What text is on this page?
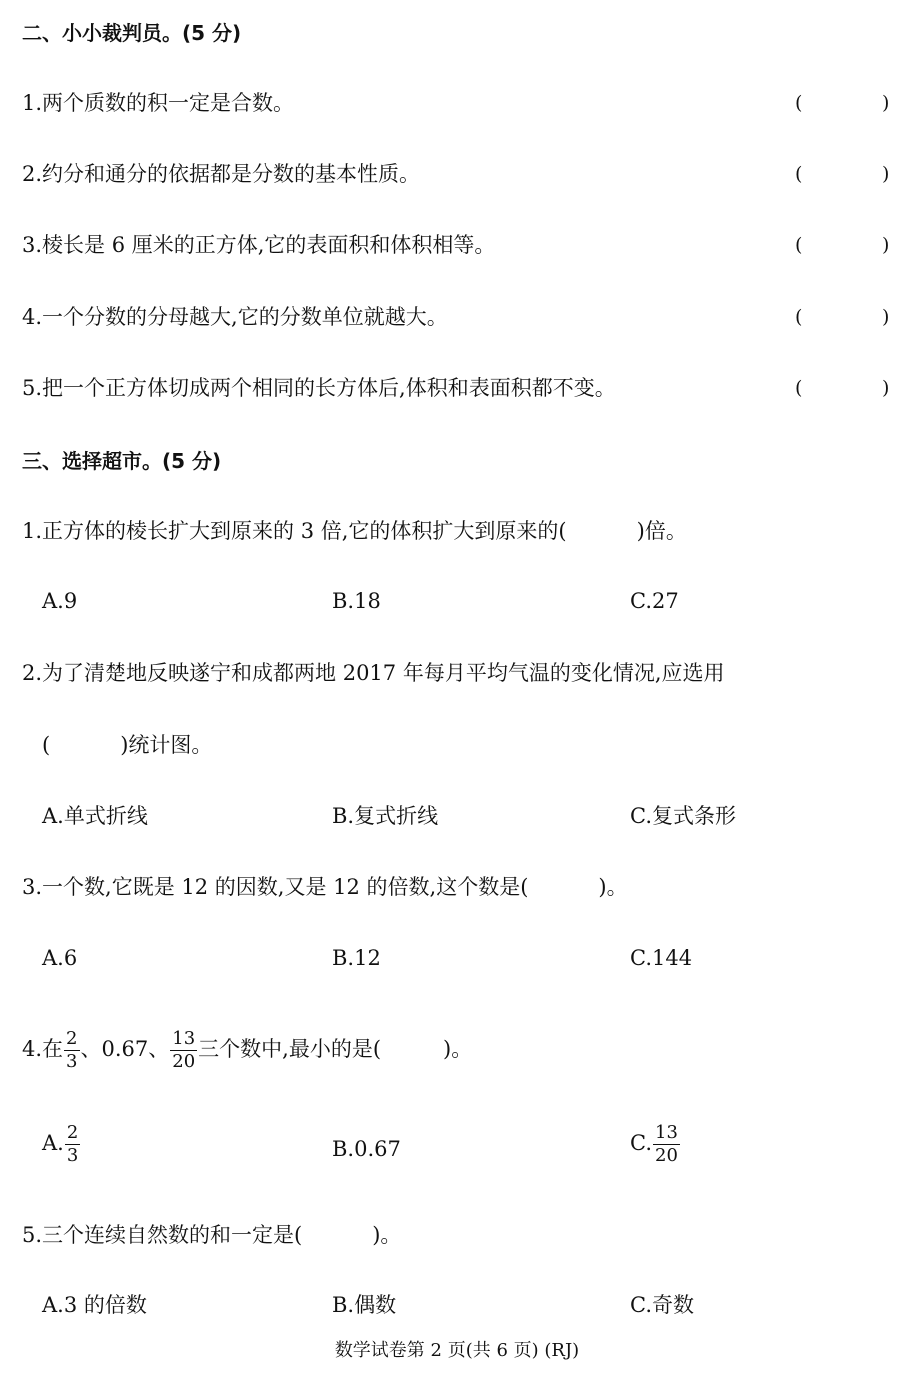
二、小小裁判员。(5 分)
1.两个质数的积一定是合数。	(	)
2.约分和通分的依据都是分数的基本性质。	(	)
3.棱长是 6 厘米的正方体,它的表面积和体积相等。	(	)
4.一个分数的分母越大,它的分数单位就越大。	(	)
5.把一个正方体切成两个相同的长方体后,体积和表面积都不变。	(	)
三、选择超市。(5 分)
1.正方体的棱长扩大到原来的 3 倍,它的体积扩大到原来的(	)倍。
A.9	B.18	C.27
2.为了清楚地反映遂宁和成都两地 2017 年每月平均气温的变化情况,应选用
(	)统计图。
A.单式折线	B.复式折线	C.复式条形
3.一个数,它既是 12 的因数,又是 12 的倍数,这个数是(	)。
A.6	B.12	C.144
4.在 $\frac{2}{3}$ 、0.67、 $\frac{13}{20}$ 三个数中,最小的是(	)。
A. $\frac{2}{3}$	B.0.67	C. $\frac{13}{20}$
5.三个连续自然数的和一定是(	)。
A.3 的倍数	B.偶数	C.奇数
数学试卷第 2 页(共 6 页) (RJ)
